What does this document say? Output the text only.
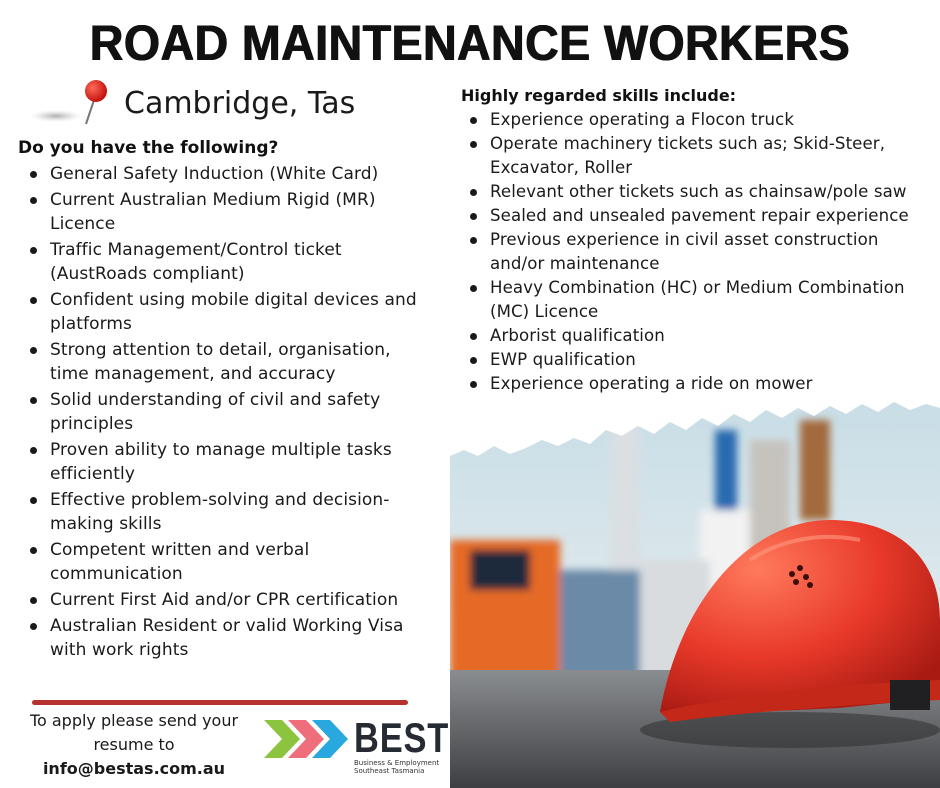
ROAD MAINTENANCE WORKERS
Cambridge, Tas
Do you have the following?
General Safety Induction (White Card)
Current Australian Medium Rigid (MR) Licence
Traffic Management/Control ticket (AustRoads compliant)
Confident using mobile digital devices and platforms
Strong attention to detail, organisation, time management, and accuracy
Solid understanding of civil and safety principles
Proven ability to manage multiple tasks efficiently
Effective problem-solving and decision-making skills
Competent written and verbal communication
Current First Aid and/or CPR certification
Australian Resident or valid Working Visa with work rights
Highly regarded skills include:
Experience operating a Flocon truck
Operate machinery tickets such as; Skid-Steer, Excavator, Roller
Relevant other tickets such as chainsaw/pole saw
Sealed and unsealed pavement repair experience
Previous experience in civil asset construction and/or maintenance
Heavy Combination (HC) or Medium Combination (MC) Licence
Arborist qualification
EWP qualification
Experience operating a ride on mower
To apply please send your
resume to
info@bestas.com.au
BEST
Business & Employment
Southeast Tasmania
